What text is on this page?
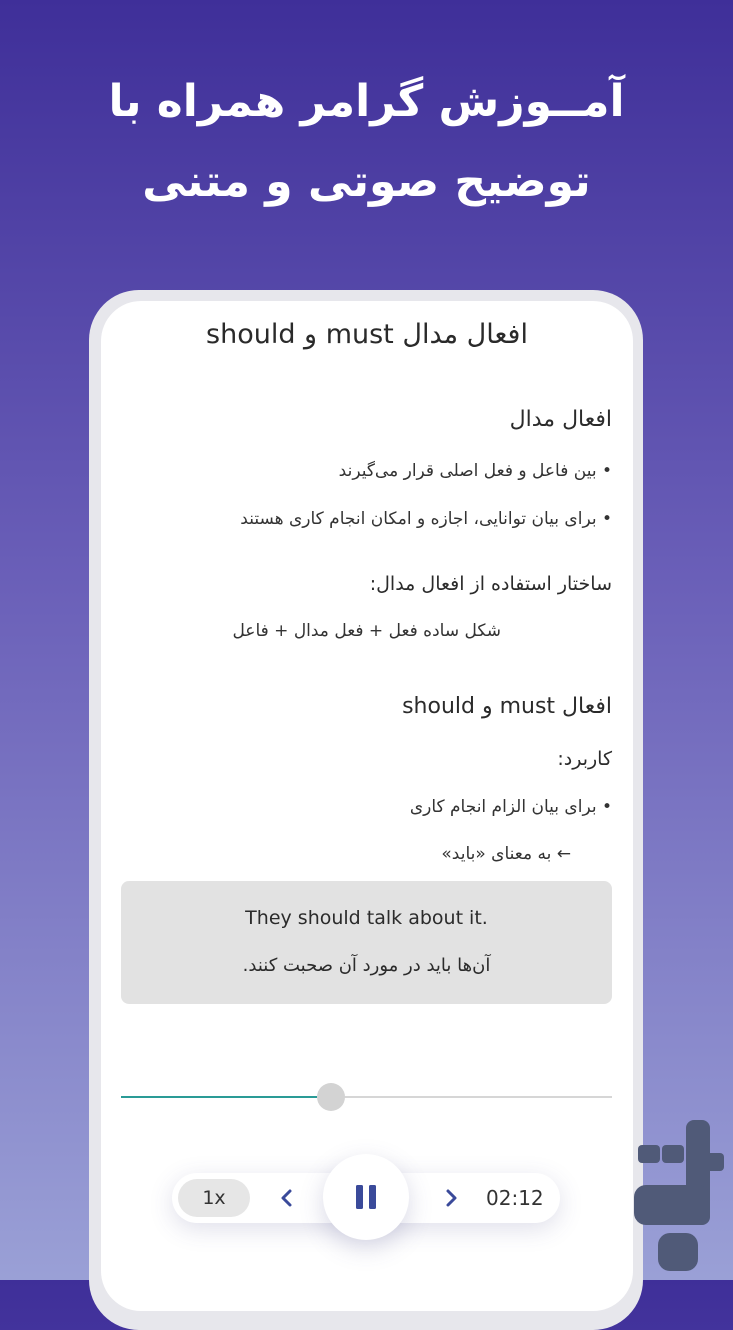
آمــوزش گرامر همراه با
توضیح صوتی و متنی
افعال مدال must و should
افعال مدال
• بین فاعل و فعل اصلی قرار می‌گیرند
• برای بیان توانایی، اجازه و امکان انجام کاری هستند
ساختار استفاده از افعال مدال:
شکل ساده فعل + فعل مدال + فاعل
افعال must و should
کاربرد:
• برای بیان الزام انجام کاری
← به معنای «باید»
They should talk about it.
آن‌ها باید در مورد آن صحبت کنند.
1x	02:12
